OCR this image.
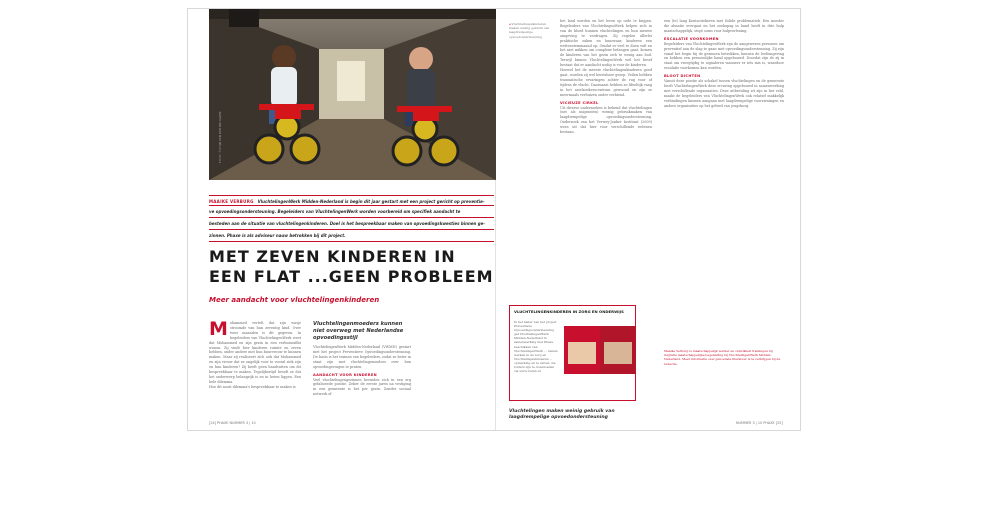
FOTO: ©STIJN VAN DER BRUGGEN
MAAIKE VERBURG VluchtelingenWerk Midden-Nederland is begin dit jaar gestart met een project gericht op preventie-
ve opvoedingsondersteuning. Begeleiders van VluchtelingenWerk worden voorbereid om specifiek aandacht te
besteden aan de situatie van vluchtelingenkinderen. Doel is het bespreekbaar maken van opvoedingskwesties binnen ge-
zinnen. Phaxe is als adviseur nauw betrokken bij dit project.
MET ZEVEN KINDEREN IN
EEN FLAT ...GEEN PROBLEEM
Meer aandacht voor vluchtelingenkinderen
M ohammed vertelt dat zijn wasje stroomde van hun zeventig kind. Over twee maanden is dit gegeven. In begeleiders van VluchtelingenWerk weet dat Mohammed en zijn gezin in een verhuisraffat wonen. Zij vindt hier kinderen ruimte en zeven hebben, onder andere met hun buurvrouw te kunnen maken. Maar zij realiseert zich ook dat Mohammed en zijn vrouw dat ze ongelijk voor te vooral ziek zijn en hun kinderen? Zij heeft geen handvatten om dit bespreekbaar te maken. Tegelijkertijd beseft ze dat het onderwerp belangrijk is en in heten liggen. Een hele dilemma.
Hoe dit nooit dilemma's bespreekbaar te maken is

Vluchtelingenmoeders kunnen niet overweg met Nederlandse opvoedingsstijl

VluchtelingenWerk Midden-Nederland (VWMN) gestart met het project Preventieve Opvoedingsondersteuning. De basis is het trainen van begeleiders, zodat ze beter in staat zijn met vluchtelingenouders over hun opvoedingsvragen te praten.

AANDACHT VOOR KINDEREN

Veel vluchtelingengezinnen bevinden zich in een erg gefaboeede positie. Zeker de eerste jaren na vestiging in een gemeente is het per gezin. Zonder sociaal netwerk of

[24] PHAXE NUMMER 3 | 10
◂ Vluchtelingenkinderen maken weinig gebruik van laagdrempelige opvoedondersteuning

het land worden en het leven op orde te krijgen. Begeleiders van VluchtelingenWerk helpen zich in van de bloed hunnen vluchtelingen en hun nieuwe omgeving te verdragen. Zij regelen allerlei praktische zaken en huurwaar, kinderen een wettenstemmaand op. Omdat er veel te doen valt en het niet mikken om complexe belangen gaat, komen de kinderen van het gezin zich te wenig aan bod. Terwijl binnen VluchtelingenWerk wel het besef bestaat dat er aandacht nodig is voor de kinderen.
Hoewel het de meeste vluchtelingenkinderen goed gaat, worden zij wel kwetsbare groep. Veilen hebben traumatische ervaringen achter de rug voor of tijdens de vlucht. Daarnaast hebben ze lifeeltijk vaag in het asielzoekerscentrum gewoond en zijn ze meermaals verhuizen onder verbiend.

VICIEUZE CIRKEL

Uit diverse onderzoeken is bekend dat vluchtelingen (net als migranten) weinig gebruikmaken van laagdrempelige opvoedingsondersteuning. Onderzoek van het Verwey-Jonker Instituut (2009) wees uit dat hier voor verschillende redenen bestaan.

VLUCHTELINGENKINDEREN IN ZORG EN ONDERWIJS
In het kader van het project Preventieve Opvoedingsondersteuning gaf VluchtelingenWerk Midden-Nederland in samenwerking met Phaxe beschikken van VluchtelingenWerk ... ramen werken in de zorg en Vluchtelingenkinderen ... opmerking en te zetten. De folders zijn te downloaden via www.vwmn.nl
Vluchtelingen maken weinig gebruik van laagdrempelige opvoedondersteuning

een (te) lang Kontactiekeren met Solide problematiek. Een moeder die almatie overgaat en het zoekopag in hand heeft in drie hulp maatschappelijk, stopt soms voor hulpverlening.

ESCALATIE VOORKOMEN

Begeleiders van VluchtelingenWerk zijn de aangewezen personen om preventief aan de slag te gaan met opvoedingsondersteuning. Zij zijn vanaf het begin bij de gezinnen betrokken, kennen de leefomgeving en hebben een persoonlijke band opgebouwd. Doordat zijn de zij in staat om vroegtijdig te signaleren wanneer er iets mis is, waardoor escalatie voorkomen kan worden.

BLOOT DICHTEN

Vanuit deze positie als schakel tussen vluchtelingen en de gemeente heeft VluchtelingenWerk deze ervaring opgebouwd in samenwerking met verschillende organisaties. Deze uitbreiding zit zijn in het veld, maakt de begeleiders van VluchtelingenWerk ook relatief makkelijk verbindingen kunnen aangaan met laagdrempelige voorzieningen en andere organisaties op het gebied van jeugdzorg.

Maaike Verburg is maatschappelijk werker en ontwikkelt trainingen bij migratie maatschappelijke begeleiding bij VluchtelingenWerk Midden-Nederland. Meer informatie over genoemde literatuur is te verkrijgen bij de redactie.
NUMMER 3 | 10 PHAXE [25]
